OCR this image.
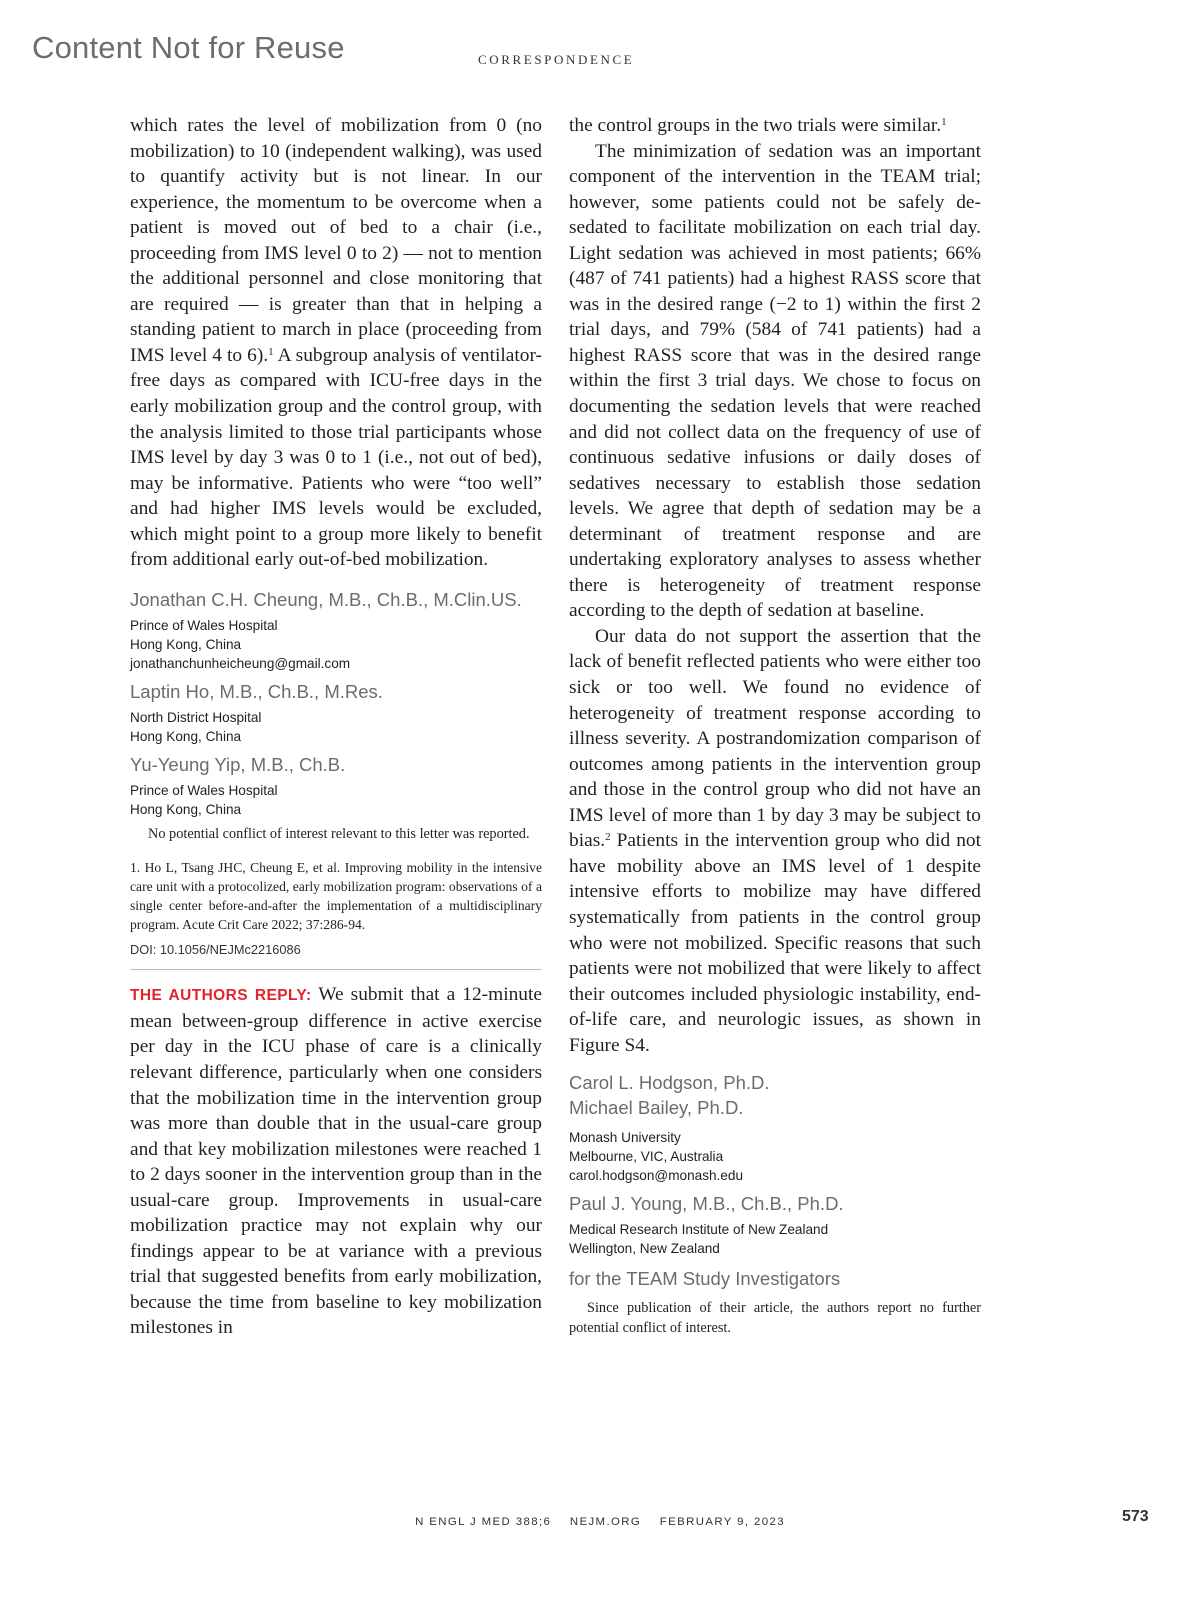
Content Not for Reuse	CORRESPONDENCE

which rates the level of mobilization from 0 (no mobilization) to 10 (independent walking), was used to quantify activity but is not linear. In our experience, the momentum to be overcome when a patient is moved out of bed to a chair (i.e., proceeding from IMS level 0 to 2) — not to mention the additional personnel and close monitoring that are required — is greater than that in helping a standing patient to march in place (proceeding from IMS level 4 to 6).$^1$ A subgroup analysis of ventilator-free days as compared with ICU-free days in the early mobilization group and the control group, with the analysis limited to those trial participants whose IMS level by day 3 was 0 to 1 (i.e., not out of bed), may be informative. Patients who were “too well” and had higher IMS levels would be excluded, which might point to a group more likely to benefit from additional early out-of-bed mobilization.

Jonathan C.H. Cheung, M.B., Ch.B., M.Clin.US.

Prince of Wales Hospital

Hong Kong, China

jonathanchunheicheung@gmail.com

Laptin Ho, M.B., Ch.B., M.Res.

North District Hospital

Hong Kong, China

Yu-Yeung Yip, M.B., Ch.B.

Prince of Wales Hospital

Hong Kong, China

No potential conflict of interest relevant to this letter was reported.

1. Ho L, Tsang JHC, Cheung E, et al. Improving mobility in the intensive care unit with a protocolized, early mobilization program: observations of a single center before-and-after the implementation of a multidisciplinary program. Acute Crit Care 2022; 37:286-94.

DOI: 10.1056/NEJMc2216086

THE AUTHORS REPLY: We submit that a 12-minute mean between-group difference in active exercise per day in the ICU phase of care is a clinically relevant difference, particularly when one considers that the mobilization time in the intervention group was more than double that in the usual-care group and that key mobilization milestones were reached 1 to 2 days sooner in the intervention group than in the usual-care group. Improvements in usual-care mobilization practice may not explain why our findings appear to be at variance with a previous trial that suggested benefits from early mobilization, because the time from baseline to key mobilization milestones in

the control groups in the two trials were similar.$^1$

The minimization of sedation was an important component of the intervention in the TEAM trial; however, some patients could not be safely de-sedated to facilitate mobilization on each trial day. Light sedation was achieved in most patients; 66% (487 of 741 patients) had a highest RASS score that was in the desired range (−2 to 1) within the first 2 trial days, and 79% (584 of 741 patients) had a highest RASS score that was in the desired range within the first 3 trial days. We chose to focus on documenting the sedation levels that were reached and did not collect data on the frequency of use of continuous sedative infusions or daily doses of sedatives necessary to establish those sedation levels. We agree that depth of sedation may be a determinant of treatment response and are undertaking exploratory analyses to assess whether there is heterogeneity of treatment response according to the depth of sedation at baseline.

Our data do not support the assertion that the lack of benefit reflected patients who were either too sick or too well. We found no evidence of heterogeneity of treatment response according to illness severity. A postrandomization comparison of outcomes among patients in the intervention group and those in the control group who did not have an IMS level of more than 1 by day 3 may be subject to bias.$^2$ Patients in the intervention group who did not have mobility above an IMS level of 1 despite intensive efforts to mobilize may have differed systematically from patients in the control group who were not mobilized. Specific reasons that such patients were not mobilized that were likely to affect their outcomes included physiologic instability, end-of-life care, and neurologic issues, as shown in Figure S4.

Carol L. Hodgson, Ph.D.

Michael Bailey, Ph.D.

Monash University

Melbourne, VIC, Australia

carol.hodgson@monash.edu

Paul J. Young, M.B., Ch.B., Ph.D.

Medical Research Institute of New Zealand

Wellington, New Zealand

for the TEAM Study Investigators

Since publication of their article, the authors report no further potential conflict of interest.

N ENGL J MED 388;6 NEJM.ORG FEBRUARY 9, 2023	573
